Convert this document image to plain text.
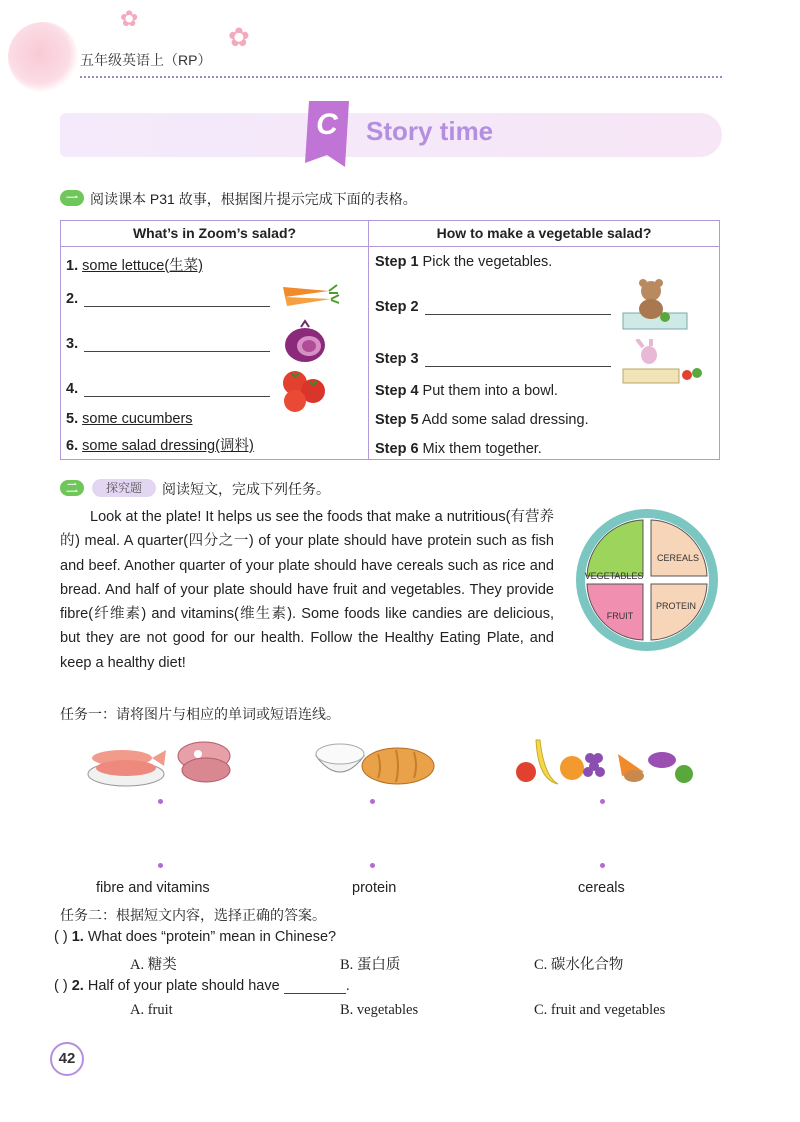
✿
✿
五年级英语上（RP）
C	Story time
一 阅读课本 P31 故事，根据图片提示完成下面的表格。
What’s in Zoom’s salad?	How to make a vegetable salad?
1. some lettuce(生菜)
2.
3.
4.
5. some cucumbers
6. some salad dressing(调料)
Step 1 Pick the vegetables.
Step 2
Step 3
Step 4 Put them into a bowl.
Step 5 Add some salad dressing.
Step 6 Mix them together.
二	探究题	阅读短文，完成下列任务。
Look at the plate! It helps us see the foods that make a nutritious(有营养的) meal. A quarter(四分之一) of your plate should have protein such as fish and beef. Another quarter of your plate should have cereals such as rice and bread. And half of your plate should have fruit and vegetables. They provide fibre(纤维素) and vitamins(维生素). Some foods like candies are delicious, but they are not good for our health. Follow the Healthy Eating Plate, and keep a healthy diet!
VEGETABLES
CEREALS
FRUIT
PROTEIN
任务一：请将图片与相应的单词或短语连线。
fibre and vitamins	protein	cereals
任务二：根据短文内容，选择正确的答案。
( ) 1. What does “protein” mean in Chinese?
A. 糖类	B. 蛋白质	C. 碳水化合物
( ) 2. Half of your plate should have	.
A. fruit	B. vegetables	C. fruit and vegetables
42
